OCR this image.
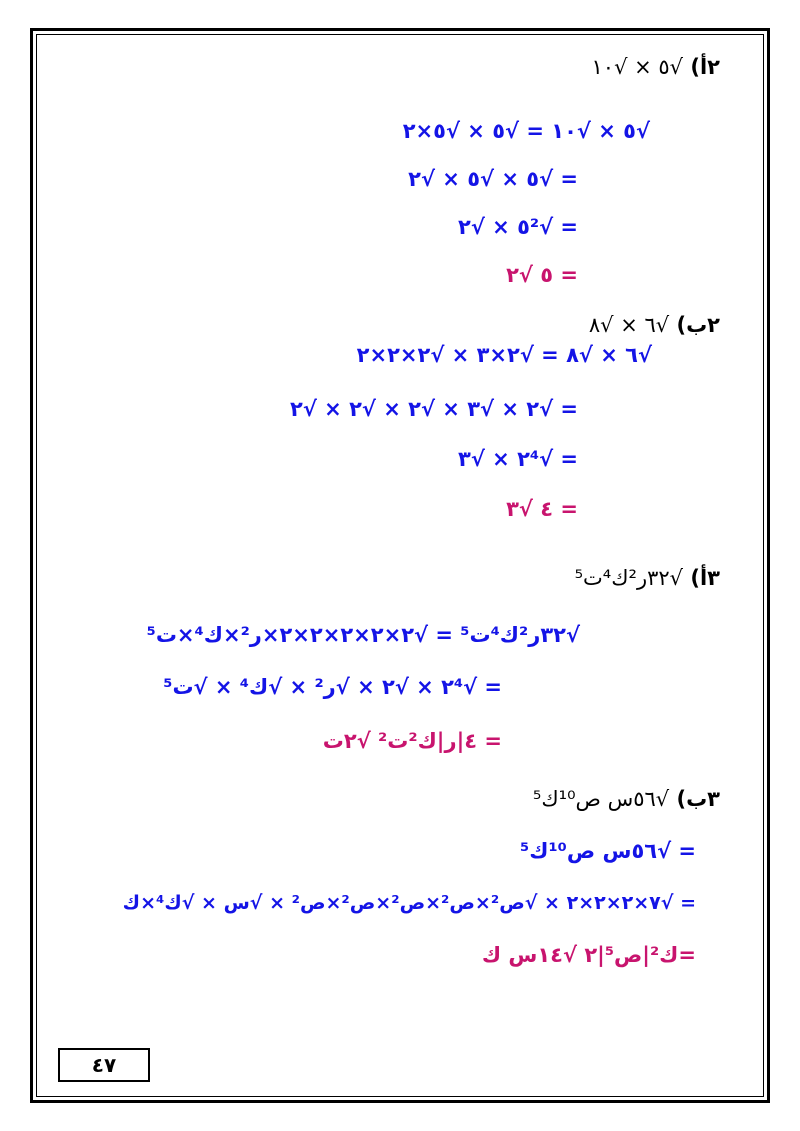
٢أ) √٥ × √١٠
√٥ × √١٠ = √٥ × √٥×٢
= √٥ × √٥ × √٢
= √٥² × √٢
= ٥ √٢
٢ب) √٦ × √٨
√٦ × √٨ = √٢×٣ × √٢×٢×٢
= √٢ × √٣ × √٢ × √٢ × √٢
= √٢⁴ × √٣
= ٤ √٣
٣أ) √٣٢ر²ك⁴ت⁵
√٣٢ر²ك⁴ت⁵ = √٢×٢×٢×٢×٢×ر²×ك⁴×ت⁵
= √٢⁴ × √٢ × √ر² × √ك⁴ × √ت⁵
= ٤|ر|ك²ت² √٢ت
٣ب) √٥٦س ص¹⁰ك⁵
= √٥٦س ص¹⁰ك⁵
= √٧×٢×٢×٢ × √ص²×ص²×ص²×ص²×ص² × √س × √ك⁴×ك
=ك²|ص⁵|٢ √١٤س ك
٤٧
